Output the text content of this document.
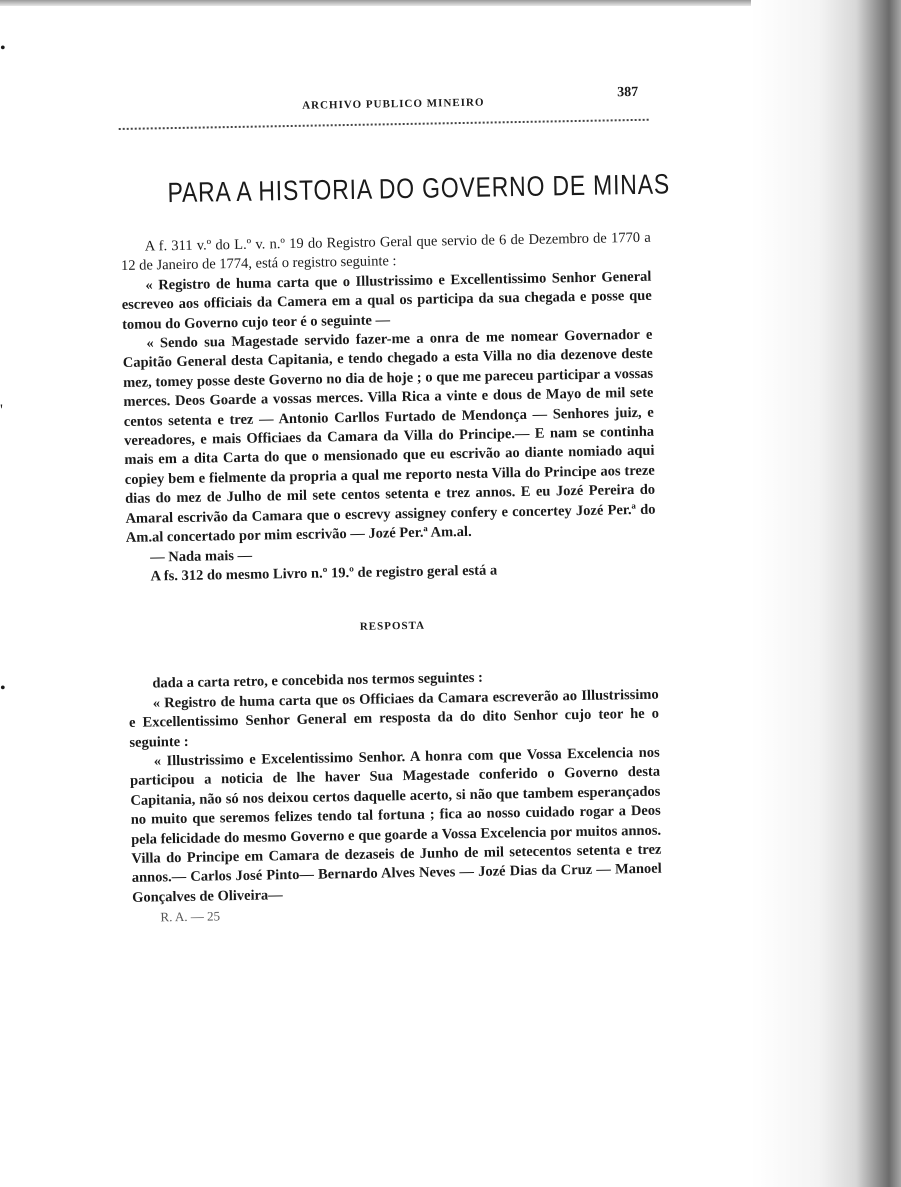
•
'
•
ARCHIVO PUBLICO MINEIRO
387
PARA A HISTORIA DO GOVERNO DE MINAS

A f. 311 v.º do L.º v. n.º 19 do Registro Geral que servio de 6 de Dezembro de 1770 a 12 de Janeiro de 1774, está o registro seguinte :

« Registro de huma carta que o Illustrissimo e Excellentissimo Senhor General escreveo aos officiais da Camera em a qual os participa da sua chegada e posse que tomou do Governo cujo teor é o seguinte —

« Sendo sua Magestade servido fazer-me a onra de me nomear Governador e Capitão General desta Capitania, e tendo chegado a esta Villa no dia dezenove deste mez, tomey posse deste Governo no dia de hoje ; o que me pareceu participar a vossas merces. Deos Goarde a vossas merces. Villa Rica a vinte e dous de Mayo de mil sete centos setenta e trez — Antonio Carllos Furtado de Mendonça — Senhores juiz, e vereadores, e mais Officiaes da Camara da Villa do Principe.— E nam se continha mais em a dita Carta do que o mensionado que eu escrivão ao diante nomiado aqui copiey bem e fielmente da propria a qual me reporto nesta Villa do Principe aos treze dias do mez de Julho de mil sete centos setenta e trez annos. E eu Jozé Pereira do Amaral escrivão da Camara que o escrevy assigney confery e concertey Jozé Per.ª do Am.al concertado por mim escrivão — Jozé Per.ª Am.al.

— Nada mais —

A fs. 312 do mesmo Livro n.º 19.º de registro geral está a

RESPOSTA

dada a carta retro, e concebida nos termos seguintes :

« Registro de huma carta que os Officiaes da Camara escreverão ao Illustrissimo e Excellentissimo Senhor General em resposta da do dito Senhor cujo teor he o seguinte :

« Illustrissimo e Excelentissimo Senhor. A honra com que Vossa Excelencia nos participou a noticia de lhe haver Sua Magestade conferido o Governo desta Capitania, não só nos deixou certos daquelle acerto, si não que tambem esperançados no muito que seremos felizes tendo tal fortuna ; fica ao nosso cuidado rogar a Deos pela felicidade do mesmo Governo e que goarde a Vossa Excelencia por muitos annos. Villa do Principe em Camara de dezaseis de Junho de mil setecentos setenta e trez annos.— Carlos José Pinto— Bernardo Alves Neves — Jozé Dias da Cruz — Manoel Gonçalves de Oliveira—

R. A. — 25
